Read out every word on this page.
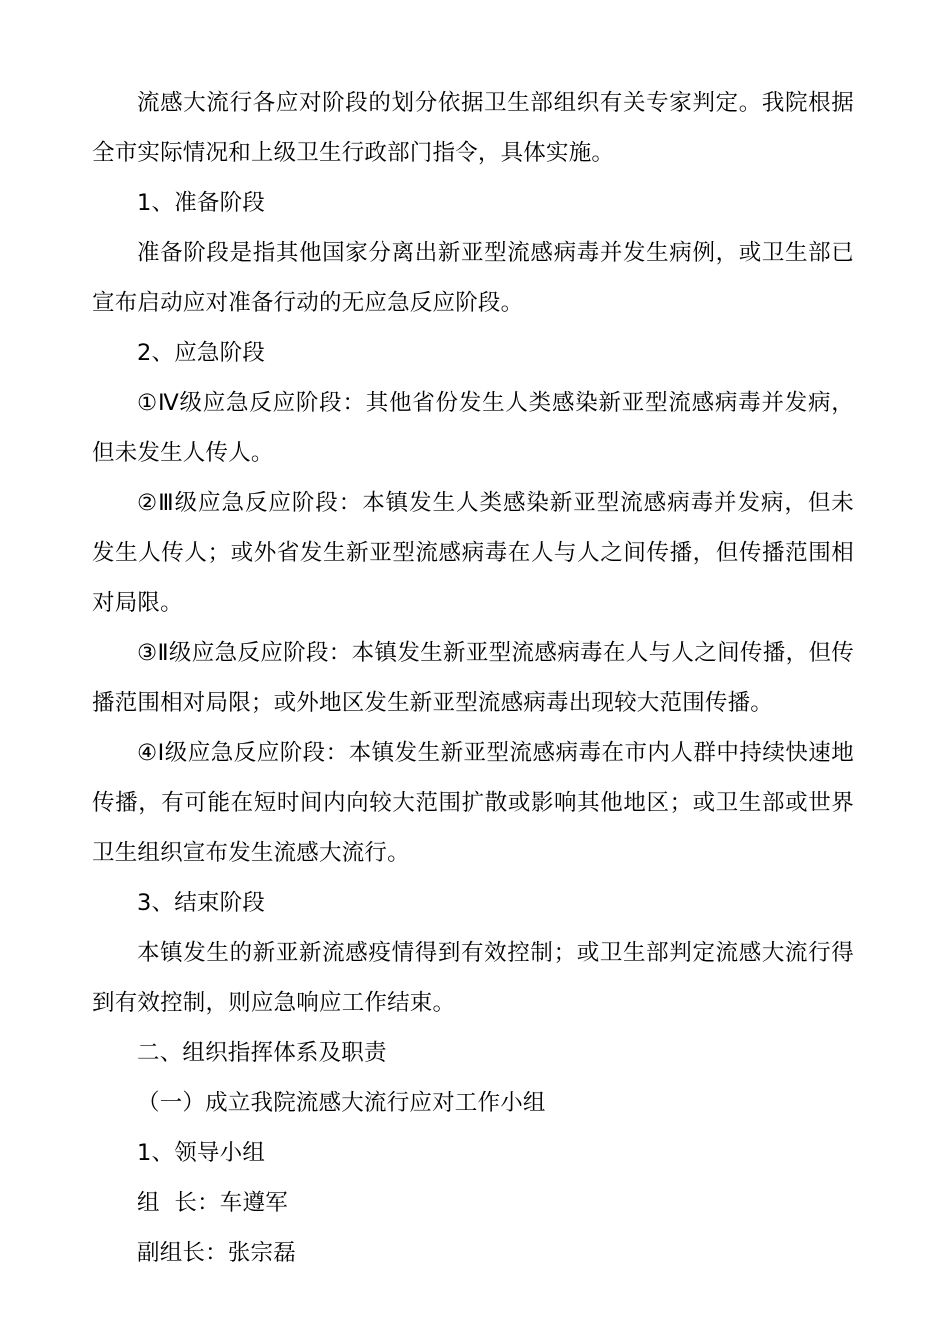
流感大流行各应对阶段的划分依据卫生部组织有关专家判定。我院根据全市实际情况和上级卫生行政部门指令，具体实施。

1、准备阶段

准备阶段是指其他国家分离出新亚型流感病毒并发生病例，或卫生部已宣布启动应对准备行动的无应急反应阶段。

2、应急阶段

①Ⅳ级应急反应阶段：其他省份发生人类感染新亚型流感病毒并发病，但未发生人传人。

②Ⅲ级应急反应阶段：本镇发生人类感染新亚型流感病毒并发病，但未发生人传人；或外省发生新亚型流感病毒在人与人之间传播，但传播范围相对局限。

③Ⅱ级应急反应阶段：本镇发生新亚型流感病毒在人与人之间传播，但传播范围相对局限；或外地区发生新亚型流感病毒出现较大范围传播。

④Ⅰ级应急反应阶段：本镇发生新亚型流感病毒在市内人群中持续快速地传播，有可能在短时间内向较大范围扩散或影响其他地区；或卫生部或世界卫生组织宣布发生流感大流行。

3、结束阶段

本镇发生的新亚新流感疫情得到有效控制；或卫生部判定流感大流行得到有效控制，则应急响应工作结束。

二、组织指挥体系及职责

（一）成立我院流感大流行应对工作小组

1、领导小组

组  长：车遵军

副组长：张宗磊
